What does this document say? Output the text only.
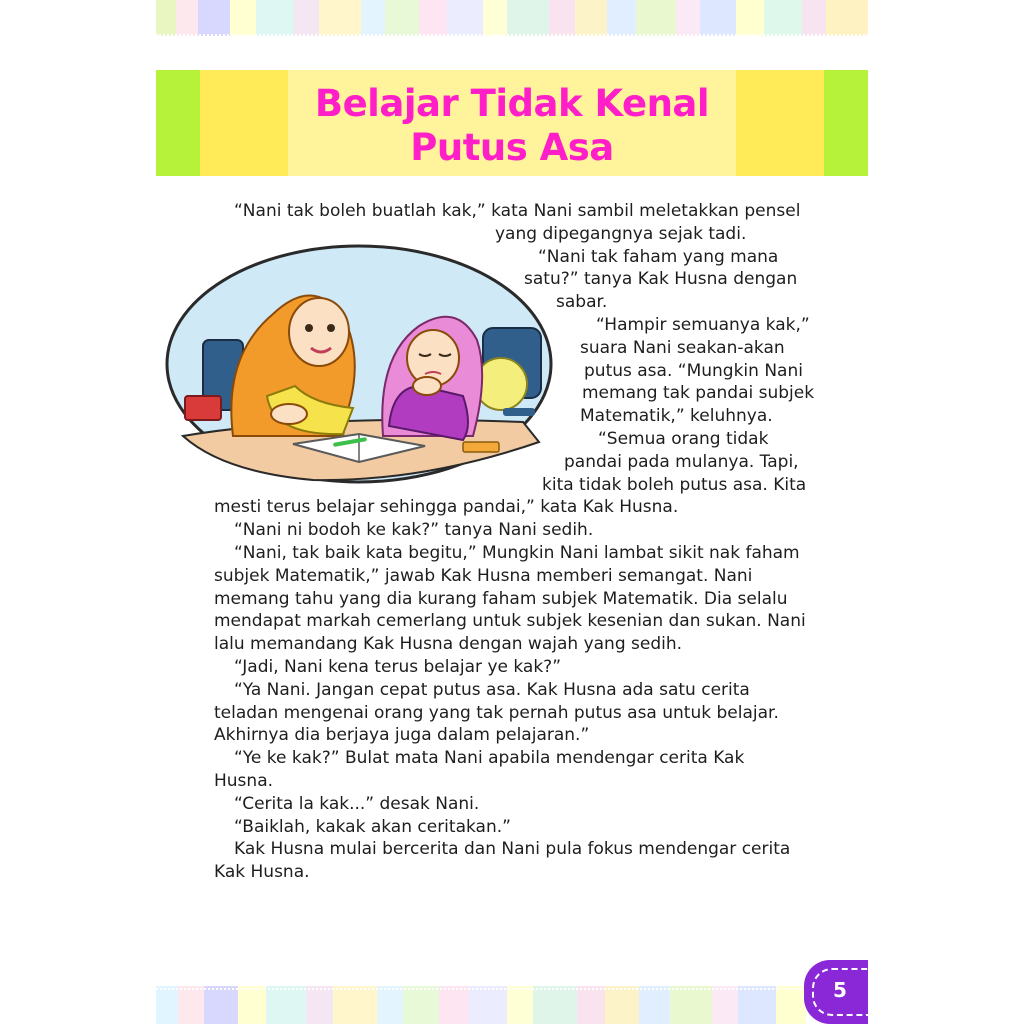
Belajar Tidak Kenal
Putus Asa
“Nani tak boleh buatlah kak,” kata Nani sambil meletakkan pensel
yang dipegangnya sejak tadi.
“Nani tak faham yang mana
satu?” tanya Kak Husna dengan
sabar.
“Hampir semuanya kak,”
suara Nani seakan-akan
putus asa. “Mungkin Nani
memang tak pandai subjek
Matematik,” keluhnya.
“Semua orang tidak
pandai pada mulanya. Tapi,
kita tidak boleh putus asa. Kita
mesti terus belajar sehingga pandai,” kata Kak Husna.
“Nani ni bodoh ke kak?” tanya Nani sedih.
“Nani, tak baik kata begitu,” Mungkin Nani lambat sikit nak faham
subjek Matematik,” jawab Kak Husna memberi semangat. Nani
memang tahu yang dia kurang faham subjek Matematik. Dia selalu
mendapat markah cemerlang untuk subjek kesenian dan sukan. Nani
lalu memandang Kak Husna dengan wajah yang sedih.
“Jadi, Nani kena terus belajar ye kak?”
“Ya Nani. Jangan cepat putus asa. Kak Husna ada satu cerita
teladan mengenai orang yang tak pernah putus asa untuk belajar.
Akhirnya dia berjaya juga dalam pelajaran.”
“Ye ke kak?” Bulat mata Nani apabila mendengar cerita Kak
Husna.
“Cerita la kak...” desak Nani.
“Baiklah, kakak akan ceritakan.”
Kak Husna mulai bercerita dan Nani pula fokus mendengar cerita
Kak Husna.
5
